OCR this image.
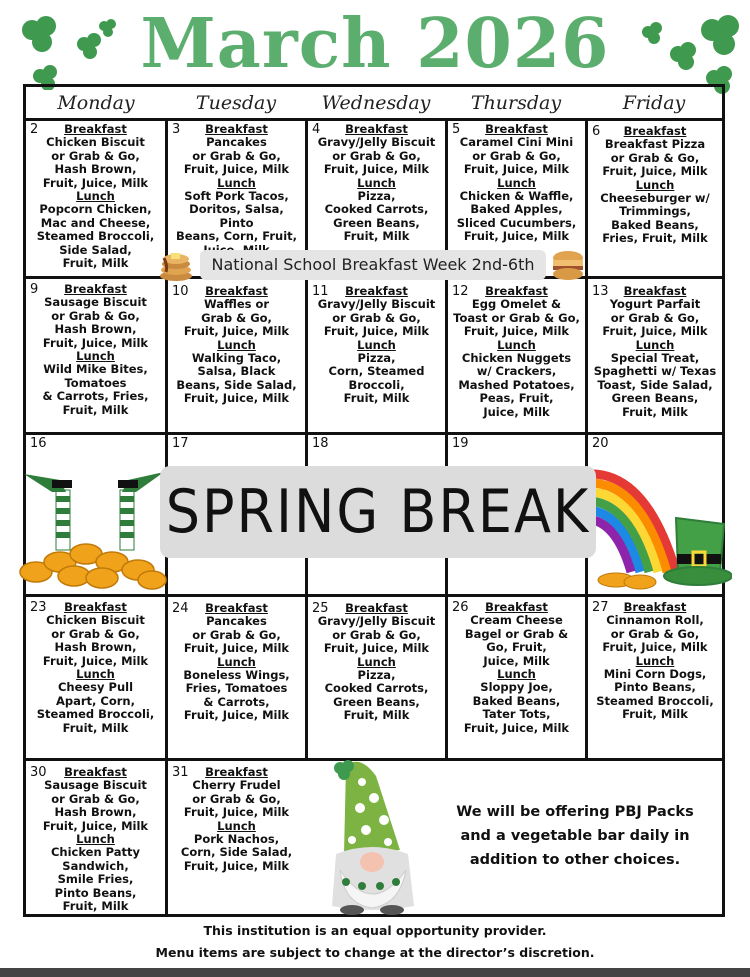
March 2026
Monday	Tuesday	Wednesday	Thursday	Friday
2	Breakfast
Chicken Biscuit
or Grab & Go,
Hash Brown,
Fruit, Juice, Milk
Lunch
Popcorn Chicken,
Mac and Cheese,
Steamed Broccoli,
Side Salad,
Fruit, Milk
3	Breakfast
Pancakes
or Grab & Go,
Fruit, Juice, Milk
Lunch
Soft Pork Tacos,
Doritos, Salsa, Pinto
Beans, Corn, Fruit,

4	Breakfast
Gravy/Jelly Biscuit
or Grab & Go,
Fruit, Juice, Milk
Lunch
Pizza,
Cooked Carrots,
Green Beans,
Fruit, Milk
5	Breakfast
Caramel Cini Mini
or Grab & Go,
Fruit, Juice, Milk
Lunch
Chicken & Waffle,
Baked Apples,
Sliced Cucumbers,
Fruit, Juice, Milk
6	Breakfast
Breakfast Pizza
or Grab & Go,
Fruit, Juice, Milk
Lunch
Cheeseburger w/
Trimmings,
Baked Beans,
Fries, Fruit, Milk
National School Breakfast Week 2nd-6th
9	Breakfast
Sausage Biscuit
or Grab & Go,
Hash Brown,
Fruit, Juice, Milk
Lunch
Wild Mike Bites,
Tomatoes
& Carrots, Fries,
Fruit, Milk
10	Breakfast
Waffles or
Grab & Go,
Fruit, Juice, Milk
Lunch
Walking Taco,
Salsa, Black
Beans, Side Salad,
Fruit, Juice, Milk
11	Breakfast
Gravy/Jelly Biscuit
or Grab & Go,
Fruit, Juice, Milk
Lunch
Pizza,
Corn, Steamed
Broccoli,
Fruit, Milk
12	Breakfast
Egg Omelet &
Toast or Grab & Go,
Fruit, Juice, Milk
Lunch
Chicken Nuggets
w/ Crackers,
Mashed Potatoes,
Peas, Fruit,
Juice, Milk
13	Breakfast
Yogurt Parfait
or Grab & Go,
Fruit, Juice, Milk
Lunch
Special Treat,
Spaghetti w/ Texas
Toast, Side Salad,
Green Beans,
Fruit, Milk
16	17	18	19	20
SPRING BREAK
23	Breakfast
Chicken Biscuit
or Grab & Go,
Hash Brown,
Fruit, Juice, Milk
Lunch
Cheesy Pull
Apart, Corn,
Steamed Broccoli,
Fruit, Milk
24	Breakfast
Pancakes
or Grab & Go,
Fruit, Juice, Milk
Lunch
Boneless Wings,
Fries, Tomatoes
& Carrots,
Fruit, Juice, Milk
25	Breakfast
Gravy/Jelly Biscuit
or Grab & Go,
Fruit, Juice, Milk
Lunch
Pizza,
Cooked Carrots,
Green Beans,
Fruit, Milk
26	Breakfast
Cream Cheese
Bagel or Grab &
Go, Fruit,
Juice, Milk
Lunch
Sloppy Joe,
Baked Beans,
Tater Tots,
Fruit, Juice, Milk
27	Breakfast
Cinnamon Roll,
or Grab & Go,
Fruit, Juice, Milk
Lunch
Mini Corn Dogs,
Pinto Beans,
Steamed Broccoli,
Fruit, Milk
30	Breakfast
Sausage Biscuit
or Grab & Go,
Hash Brown,
Fruit, Juice, Milk
Lunch
Chicken Patty
Sandwich,
Smile Fries,
Pinto Beans,
Fruit, Milk
31	Breakfast
Cherry Frudel
or Grab & Go,
Fruit, Juice, Milk
Lunch
Pork Nachos,
Corn, Side Salad,
Fruit, Juice, Milk
We will be offering PBJ Packs and a vegetable bar daily in addition to other choices.
This institution is an equal opportunity provider.
Menu items are subject to change at the director’s discretion.
